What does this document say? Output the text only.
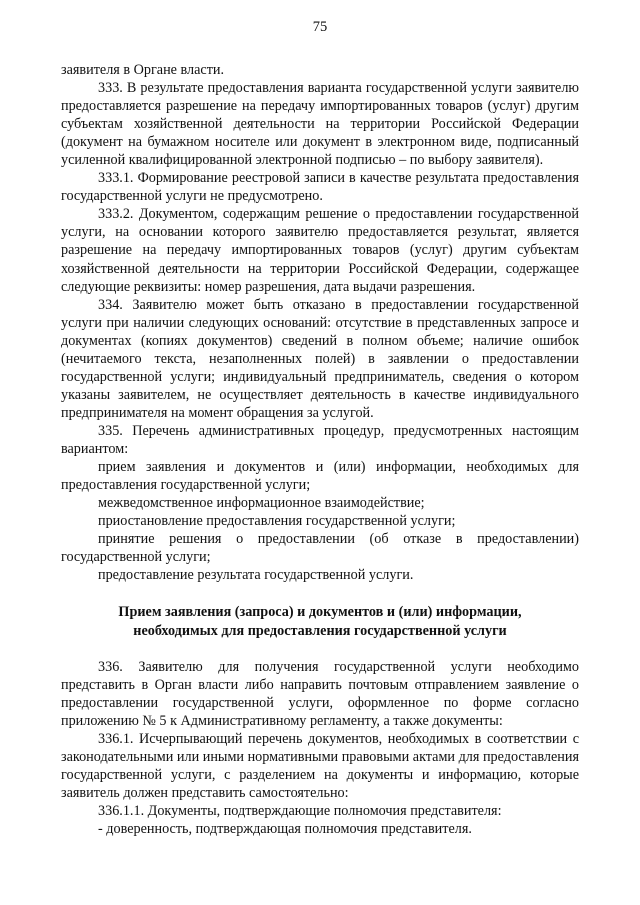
75

заявителя в Органе власти.

333. В результате предоставления варианта государственной услуги заявителю предоставляется разрешение на передачу импортированных товаров (услуг) другим субъектам хозяйственной деятельности на территории Российской Федерации (документ на бумажном носителе или документ в электронном виде, подписанный усиленной квалифицированной электронной подписью – по выбору заявителя).

333.1. Формирование реестровой записи в качестве результата предоставления государственной услуги не предусмотрено.

333.2. Документом, содержащим решение о предоставлении государственной услуги, на основании которого заявителю предоставляется результат, является разрешение на передачу импортированных товаров (услуг) другим субъектам хозяйственной деятельности на территории Российской Федерации, содержащее следующие реквизиты: номер разрешения, дата выдачи разрешения.

334. Заявителю может быть отказано в предоставлении государственной услуги при наличии следующих оснований: отсутствие в представленных запросе и документах (копиях документов) сведений в полном объеме; наличие ошибок (нечитаемого текста, незаполненных полей) в заявлении о предоставлении государственной услуги; индивидуальный предприниматель, сведения о котором указаны заявителем, не осуществляет деятельность в качестве индивидуального предпринимателя на момент обращения за услугой.

335. Перечень административных процедур, предусмотренных настоящим вариантом:

прием заявления и документов и (или) информации, необходимых для предоставления государственной услуги;

межведомственное информационное взаимодействие;

приостановление предоставления государственной услуги;

принятие решения о предоставлении (об отказе в предоставлении) государственной услуги;

предоставление результата государственной услуги.

Прием заявления (запроса) и документов и (или) информации,
необходимых для предоставления государственной услуги

336. Заявителю для получения государственной услуги необходимо представить в Орган власти либо направить почтовым отправлением заявление о предоставлении государственной услуги, оформленное по форме согласно приложению № 5 к Административному регламенту, а также документы:

336.1. Исчерпывающий перечень документов, необходимых в соответствии с законодательными или иными нормативными правовыми актами для предоставления государственной услуги, с разделением на документы и информацию, которые заявитель должен представить самостоятельно:

336.1.1. Документы, подтверждающие полномочия представителя:

- доверенность, подтверждающая полномочия представителя.
